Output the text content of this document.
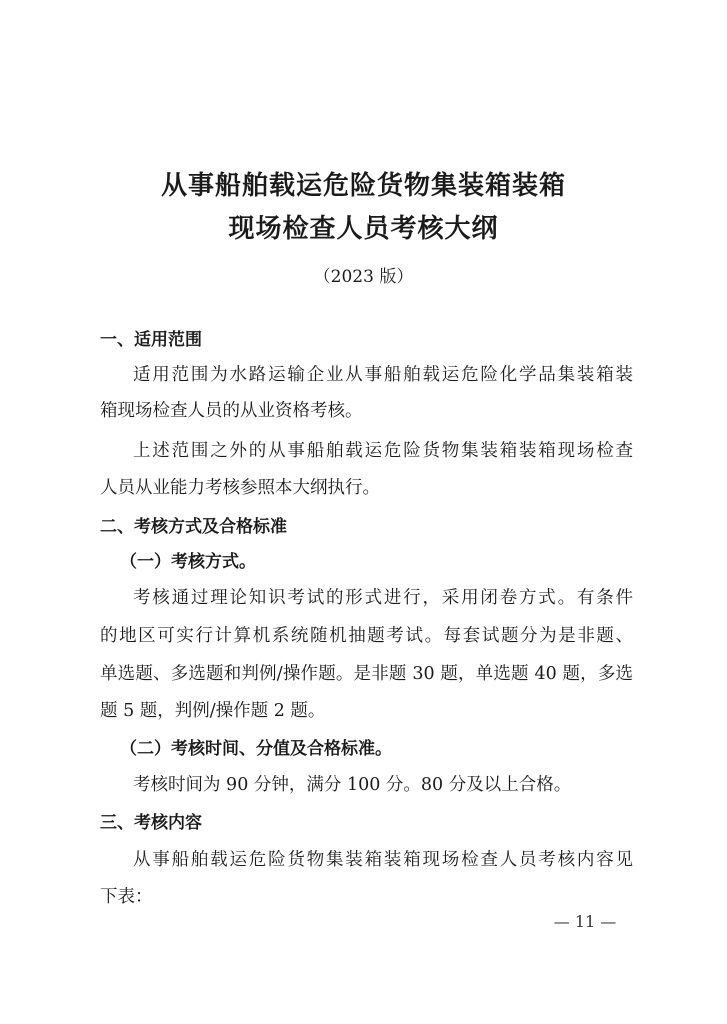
从事船舶载运危险货物集装箱装箱
现场检查人员考核大纲
（2023 版）
一、适用范围
适用范围为水路运输企业从事船舶载运危险化学品集装箱装
箱现场检查人员的从业资格考核。
上述范围之外的从事船舶载运危险货物集装箱装箱现场检查
人员从业能力考核参照本大纲执行。
二、考核方式及合格标准
（一）考核方式。
考核通过理论知识考试的形式进行，采用闭卷方式。有条件
的地区可实行计算机系统随机抽题考试。每套试题分为是非题、
单选题、多选题和判例/操作题。是非题 30 题，单选题 40 题，多选
题 5 题，判例/操作题 2 题。
（二）考核时间、分值及合格标准。
考核时间为 90 分钟，满分 100 分。80 分及以上合格。
三、考核内容
从事船舶载运危险货物集装箱装箱现场检查人员考核内容见
下表：
— 11 —
